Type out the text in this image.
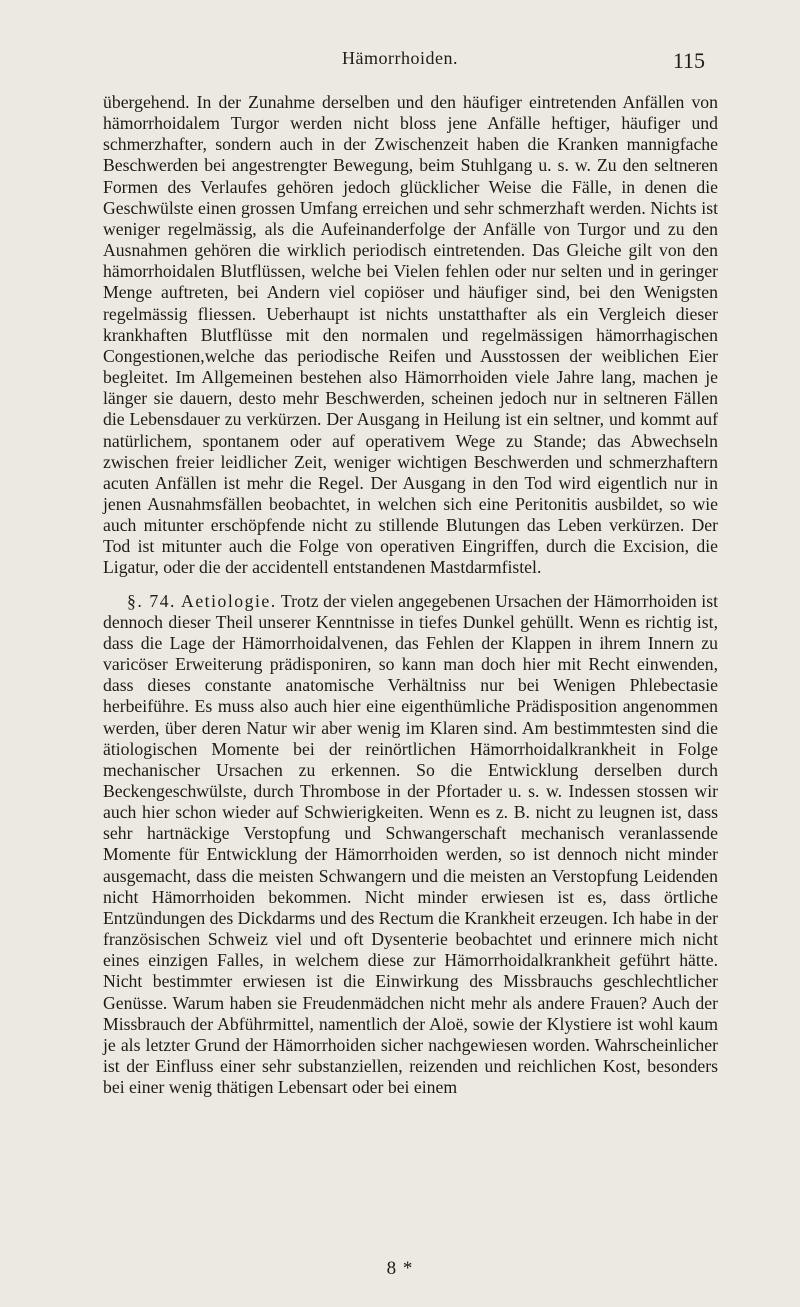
Hämorrhoiden.	115

übergehend. In der Zunahme derselben und den häufiger eintretenden Anfällen von hämorrhoidalem Turgor werden nicht bloss jene Anfälle heftiger, häufiger und schmerzhafter, sondern auch in der Zwischenzeit haben die Kranken mannigfache Beschwerden bei angestrengter Bewegung, beim Stuhlgang u. s. w. Zu den seltneren Formen des Verlaufes gehören jedoch glücklicher Weise die Fälle, in denen die Geschwülste einen grossen Umfang erreichen und sehr schmerzhaft werden. Nichts ist weniger regelmässig, als die Aufeinanderfolge der Anfälle von Turgor und zu den Ausnahmen gehören die wirklich periodisch eintretenden. Das Gleiche gilt von den hämorrhoidalen Blutflüssen, welche bei Vielen fehlen oder nur selten und in geringer Menge auftreten, bei Andern viel copiöser und häufiger sind, bei den Wenigsten regelmässig fliessen. Ueberhaupt ist nichts unstatthafter als ein Vergleich dieser krankhaften Blutflüsse mit den normalen und regelmässigen hämorrhagischen Congestionen,welche das periodische Reifen und Ausstossen der weiblichen Eier begleitet. Im Allgemeinen bestehen also Hämorrhoiden viele Jahre lang, machen je länger sie dauern, desto mehr Beschwerden, scheinen jedoch nur in seltneren Fällen die Lebensdauer zu verkürzen. Der Ausgang in Heilung ist ein seltner, und kommt auf natürlichem, spontanem oder auf operativem Wege zu Stande; das Abwechseln zwischen freier leidlicher Zeit, weniger wichtigen Beschwerden und schmerzhaftern acuten Anfällen ist mehr die Regel. Der Ausgang in den Tod wird eigentlich nur in jenen Ausnahmsfällen beobachtet, in welchen sich eine Peritonitis ausbildet, so wie auch mitunter erschöpfende nicht zu stillende Blutungen das Leben verkürzen. Der Tod ist mitunter auch die Folge von operativen Eingriffen, durch die Excision, die Ligatur, oder die der accidentell entstandenen Mastdarmfistel.

§. 74. Aetiologie. Trotz der vielen angegebenen Ursachen der Hämorrhoiden ist dennoch dieser Theil unserer Kenntnisse in tiefes Dunkel gehüllt. Wenn es richtig ist, dass die Lage der Hämorrhoidalvenen, das Fehlen der Klappen in ihrem Innern zu varicöser Erweiterung prädisponiren, so kann man doch hier mit Recht einwenden, dass dieses constante anatomische Verhältniss nur bei Wenigen Phlebectasie herbeiführe. Es muss also auch hier eine eigenthümliche Prädisposition angenommen werden, über deren Natur wir aber wenig im Klaren sind. Am bestimmtesten sind die ätiologischen Momente bei der reinörtlichen Hämorrhoidalkrankheit in Folge mechanischer Ursachen zu erkennen. So die Entwicklung derselben durch Beckengeschwülste, durch Thrombose in der Pfortader u. s. w. Indessen stossen wir auch hier schon wieder auf Schwierigkeiten. Wenn es z. B. nicht zu leugnen ist, dass sehr hartnäckige Verstopfung und Schwangerschaft mechanisch veranlassende Momente für Entwicklung der Hämorrhoiden werden, so ist dennoch nicht minder ausgemacht, dass die meisten Schwangern und die meisten an Verstopfung Leidenden nicht Hämorrhoiden bekommen. Nicht minder erwiesen ist es, dass örtliche Entzündungen des Dickdarms und des Rectum die Krankheit erzeugen. Ich habe in der französischen Schweiz viel und oft Dysenterie beobachtet und erinnere mich nicht eines einzigen Falles, in welchem diese zur Hämorrhoidalkrankheit geführt hätte. Nicht bestimmter erwiesen ist die Einwirkung des Missbrauchs geschlechtlicher Genüsse. Warum haben sie Freudenmädchen nicht mehr als andere Frauen? Auch der Missbrauch der Abführmittel, namentlich der Aloë, sowie der Klystiere ist wohl kaum je als letzter Grund der Hämorrhoiden sicher nachgewiesen worden. Wahrscheinlicher ist der Einfluss einer sehr substanziellen, reizenden und reichlichen Kost, besonders bei einer wenig thätigen Lebensart oder bei einem

8 *
